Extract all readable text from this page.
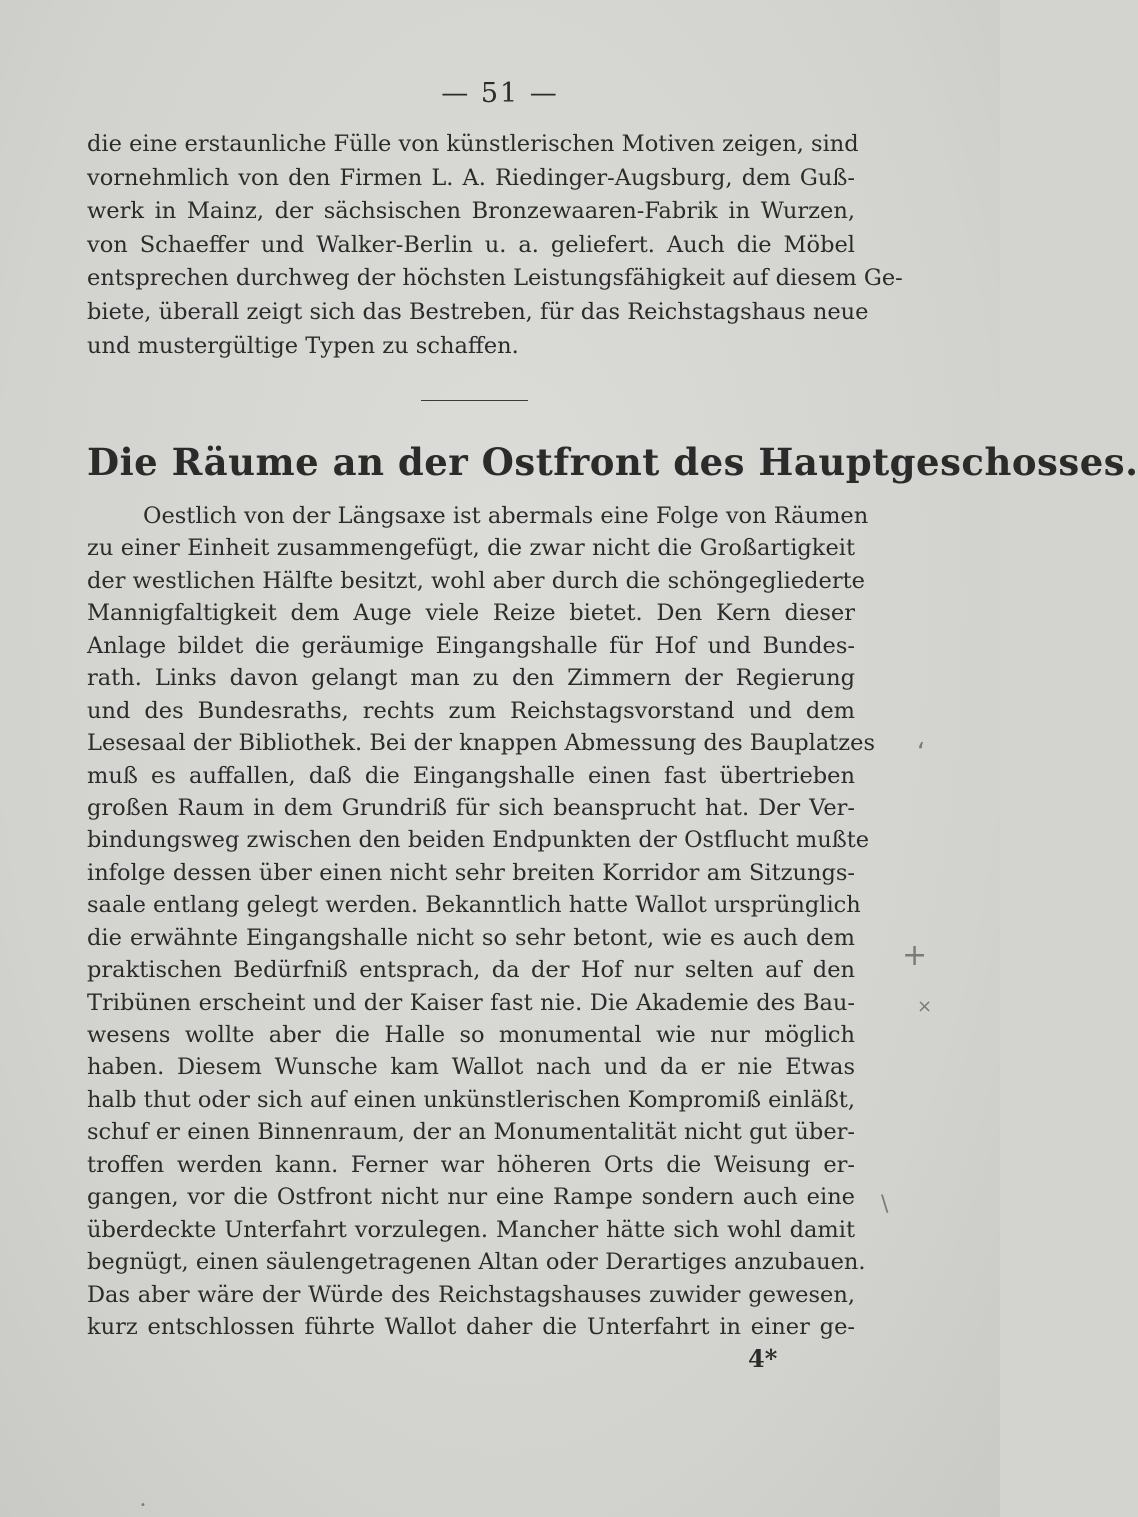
— 51 —
die eine erstaunliche Fülle von künstlerischen Motiven zeigen, sind
vornehmlich von den Firmen L. A. Riedinger-Augsburg, dem Guß-
werk in Mainz, der sächsischen Bronzewaaren-Fabrik in Wurzen,
von Schaeffer und Walker-Berlin u. a. geliefert. Auch die Möbel
entsprechen durchweg der höchsten Leistungsfähigkeit auf diesem Ge-
biete, überall zeigt sich das Bestreben, für das Reichstagshaus neue
und mustergültige Typen zu schaffen.
Die Räume an der Ostfront des Hauptgeschosses.
Oestlich von der Längsaxe ist abermals eine Folge von Räumen
zu einer Einheit zusammengefügt, die zwar nicht die Großartigkeit
der westlichen Hälfte besitzt, wohl aber durch die schöngegliederte
Mannigfaltigkeit dem Auge viele Reize bietet. Den Kern dieser
Anlage bildet die geräumige Eingangshalle für Hof und Bundes-
rath. Links davon gelangt man zu den Zimmern der Regierung
und des Bundesraths, rechts zum Reichstagsvorstand und dem
Lesesaal der Bibliothek. Bei der knappen Abmessung des Bauplatzes
muß es auffallen, daß die Eingangshalle einen fast übertrieben
großen Raum in dem Grundriß für sich beansprucht hat. Der Ver-
bindungsweg zwischen den beiden Endpunkten der Ostflucht mußte
infolge dessen über einen nicht sehr breiten Korridor am Sitzungs-
saale entlang gelegt werden. Bekanntlich hatte Wallot ursprünglich
die erwähnte Eingangshalle nicht so sehr betont, wie es auch dem
praktischen Bedürfniß entsprach, da der Hof nur selten auf den
Tribünen erscheint und der Kaiser fast nie. Die Akademie des Bau-
wesens wollte aber die Halle so monumental wie nur möglich
haben. Diesem Wunsche kam Wallot nach und da er nie Etwas
halb thut oder sich auf einen unkünstlerischen Kompromiß einläßt,
schuf er einen Binnenraum, der an Monumentalität nicht gut über-
troffen werden kann. Ferner war höheren Orts die Weisung er-
gangen, vor die Ostfront nicht nur eine Rampe sondern auch eine
überdeckte Unterfahrt vorzulegen. Mancher hätte sich wohl damit
begnügt, einen säulengetragenen Altan oder Derartiges anzubauen.
Das aber wäre der Würde des Reichstagshauses zuwider gewesen,
kurz entschlossen führte Wallot daher die Unterfahrt in einer ge-
4*
‘
+
×
\
•
